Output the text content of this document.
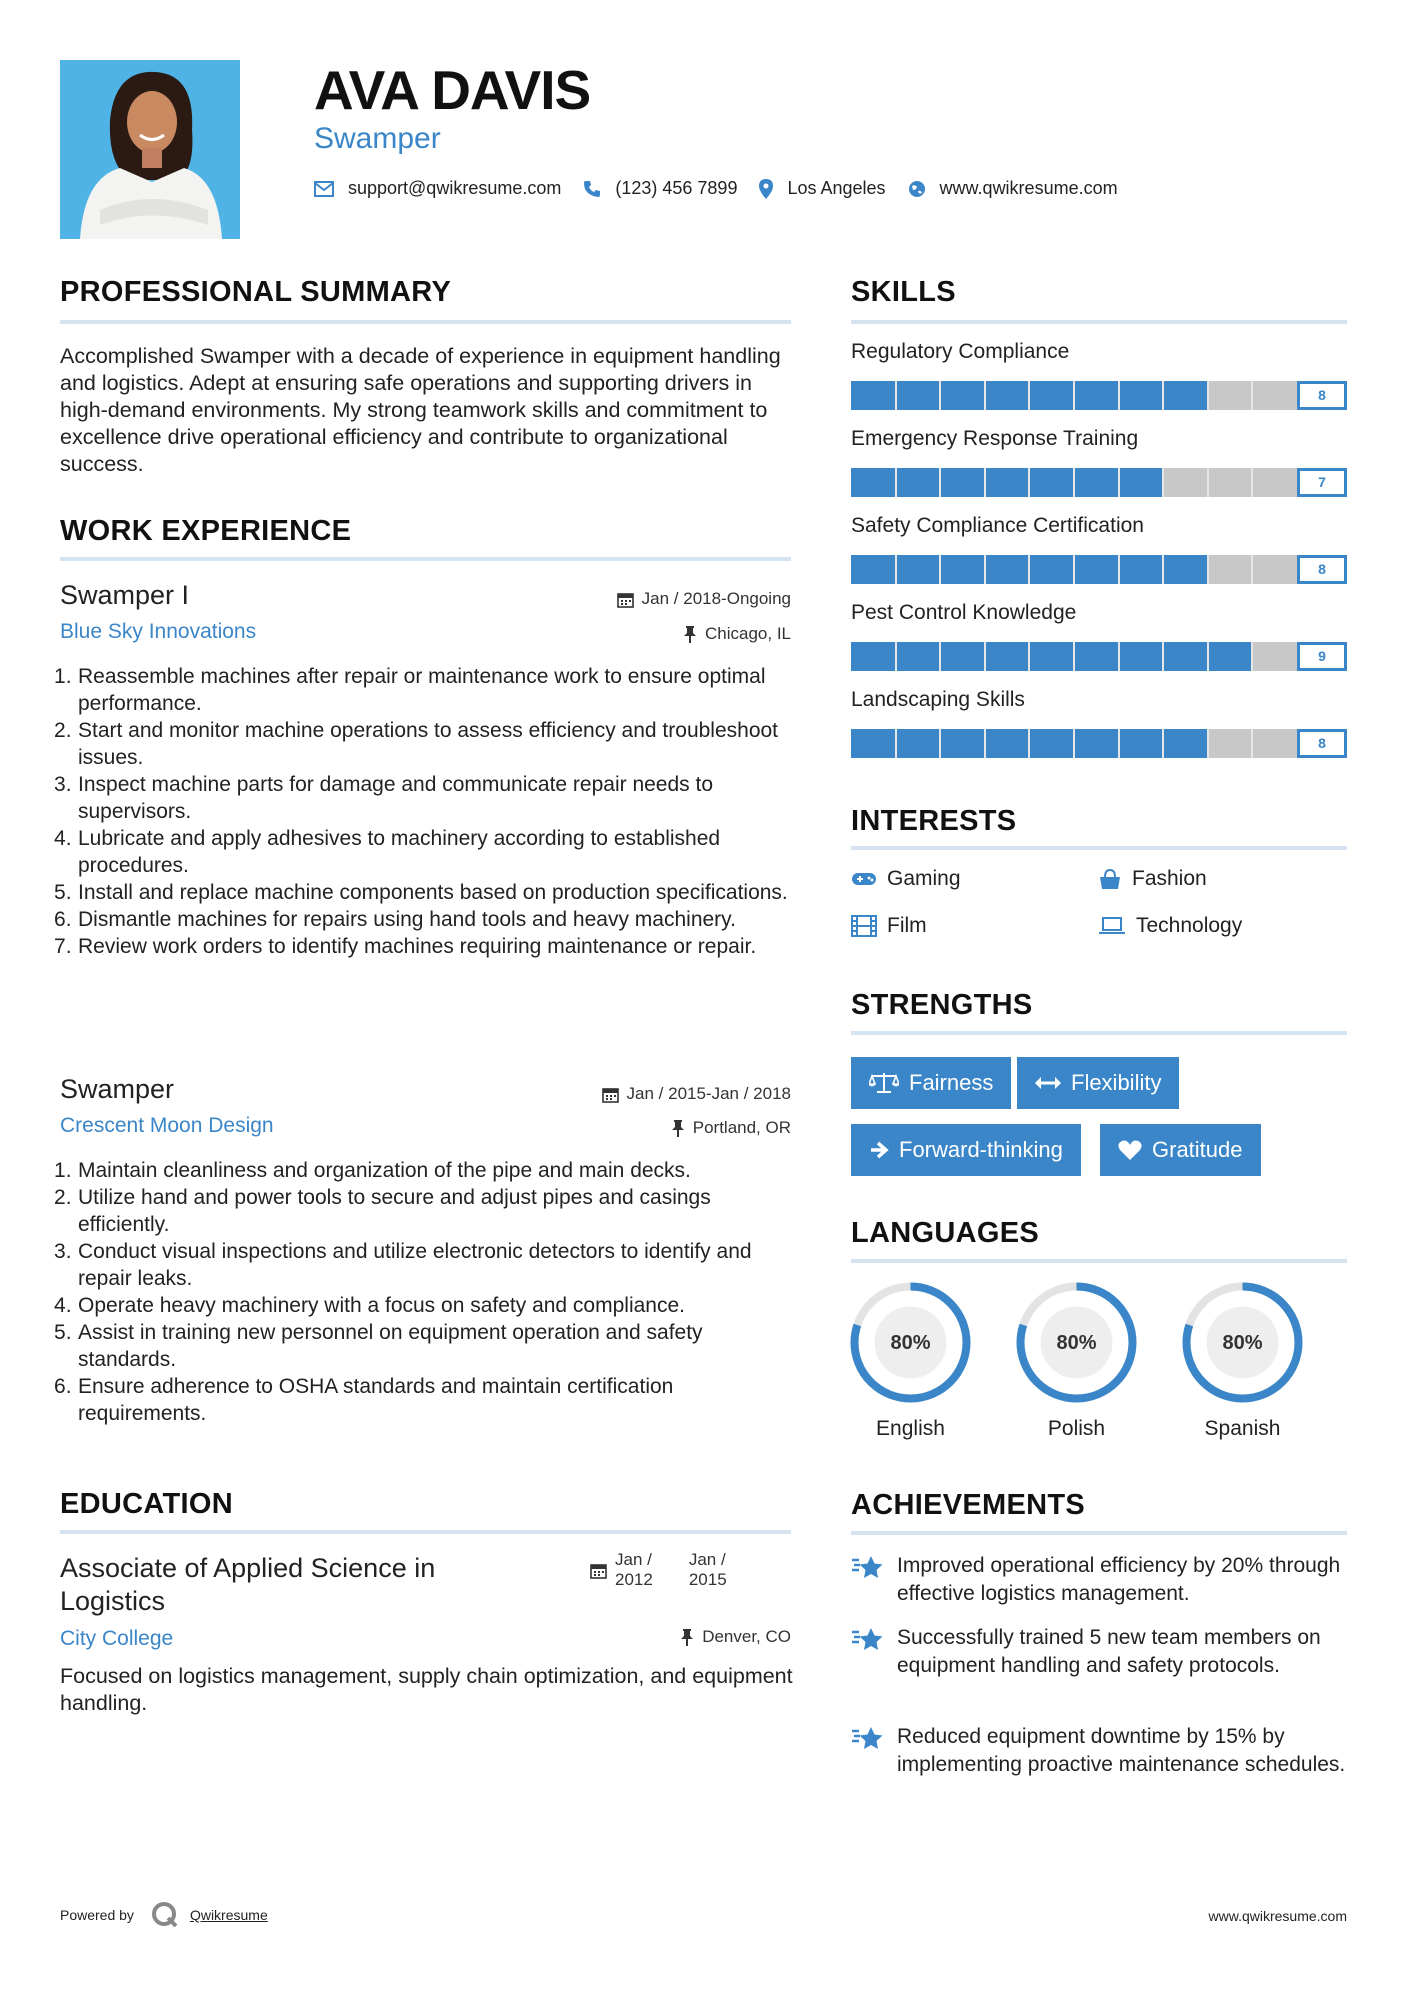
AVA DAVIS
Swamper
support@qwikresume.com	(123) 456 7899	Los Angeles	www.qwikresume.com
PROFESSIONAL SUMMARY
Accomplished Swamper with a decade of experience in equipment handling and logistics. Adept at ensuring safe operations and supporting drivers in high-demand environments. My strong teamwork skills and commitment to excellence drive operational efficiency and contribute to organizational success.
WORK EXPERIENCE
Swamper I
Blue Sky Innovations
Jan / 2018-Ongoing
Chicago, IL
Reassemble machines after repair or maintenance work to ensure optimal performance.
Start and monitor machine operations to assess efficiency and troubleshoot issues.
Inspect machine parts for damage and communicate repair needs to supervisors.
Lubricate and apply adhesives to machinery according to established procedures.
Install and replace machine components based on production specifications.
Dismantle machines for repairs using hand tools and heavy machinery.
Review work orders to identify machines requiring maintenance or repair.
Swamper
Crescent Moon Design
Jan / 2015-Jan / 2018
Portland, OR
Maintain cleanliness and organization of the pipe and main decks.
Utilize hand and power tools to secure and adjust pipes and casings efficiently.
Conduct visual inspections and utilize electronic detectors to identify and repair leaks.
Operate heavy machinery with a focus on safety and compliance.
Assist in training new personnel on equipment operation and safety standards.
Ensure adherence to OSHA standards and maintain certification requirements.
EDUCATION
Associate of Applied Science in
Logistics
City College
Jan /
2012
Jan /
2015
Denver, CO
Focused on logistics management, supply chain optimization, and equipment handling.
SKILLS
Regulatory Compliance
8
Emergency Response Training
7
Safety Compliance Certification
8
Pest Control Knowledge
9
Landscaping Skills
8
INTERESTS
Gaming	Fashion
Film	Technology
STRENGTHS
Fairness	Flexibility
Forward-thinking	Gratitude
LANGUAGES
80%
English
80%
Polish
80%
Spanish
ACHIEVEMENTS
Improved operational efficiency by 20% through effective logistics management.
Successfully trained 5 new team members on equipment handling and safety protocols.
Reduced equipment downtime by 15% by implementing proactive maintenance schedules.
Powered by	Qwikresume	www.qwikresume.com
